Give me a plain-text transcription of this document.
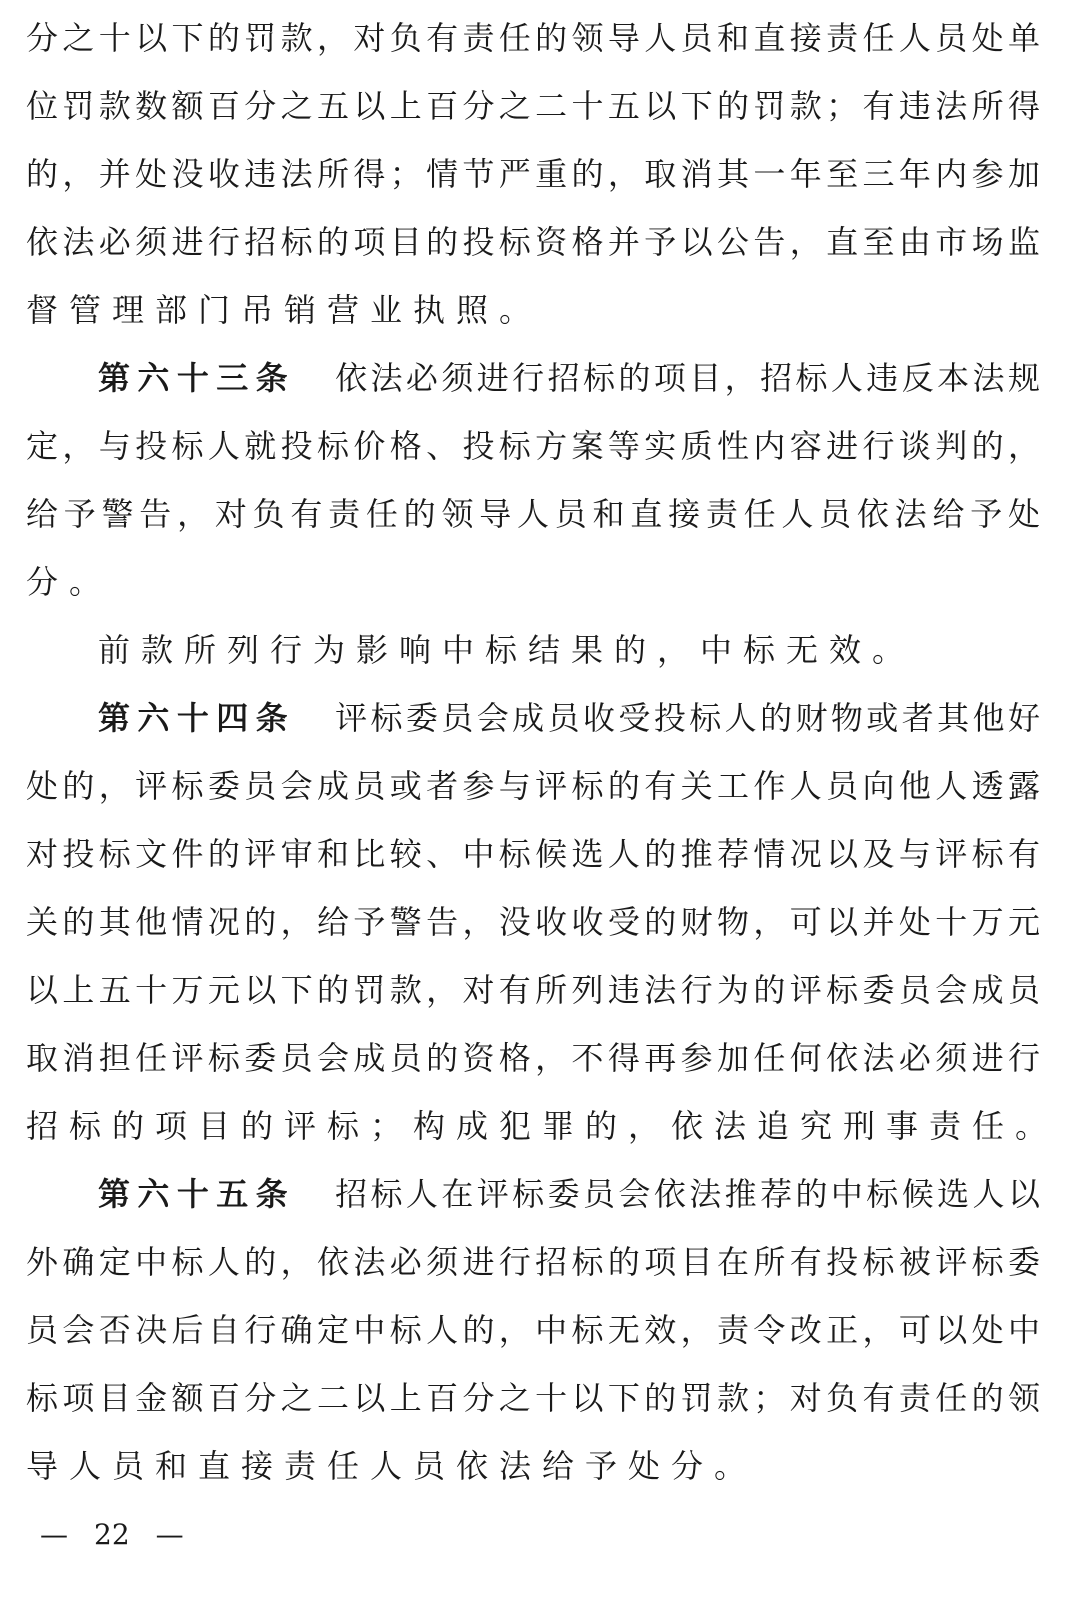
分之十以下的罚款，对负有责任的领导人员和直接责任人员处单
位罚款数额百分之五以上百分之二十五以下的罚款；有违法所得
的，并处没收违法所得；情节严重的，取消其一年至三年内参加
依法必须进行招标的项目的投标资格并予以公告，直至由市场监
督管理部门吊销营业执照。
第六十三条 依法必须进行招标的项目，招标人违反本法规
定，与投标人就投标价格、投标方案等实质性内容进行谈判的，
给予警告，对负有责任的领导人员和直接责任人员依法给予处
分。
前款所列行为影响中标结果的，中标无效。
第六十四条 评标委员会成员收受投标人的财物或者其他好
处的，评标委员会成员或者参与评标的有关工作人员向他人透露
对投标文件的评审和比较、中标候选人的推荐情况以及与评标有
关的其他情况的，给予警告，没收收受的财物，可以并处十万元
以上五十万元以下的罚款，对有所列违法行为的评标委员会成员
取消担任评标委员会成员的资格，不得再参加任何依法必须进行
招标的项目的评标；构成犯罪的，依法追究刑事责任。
第六十五条 招标人在评标委员会依法推荐的中标候选人以
外确定中标人的，依法必须进行招标的项目在所有投标被评标委
员会否决后自行确定中标人的，中标无效，责令改正，可以处中
标项目金额百分之二以上百分之十以下的罚款；对负有责任的领
导人员和直接责任人员依法给予处分。
— 22 —
